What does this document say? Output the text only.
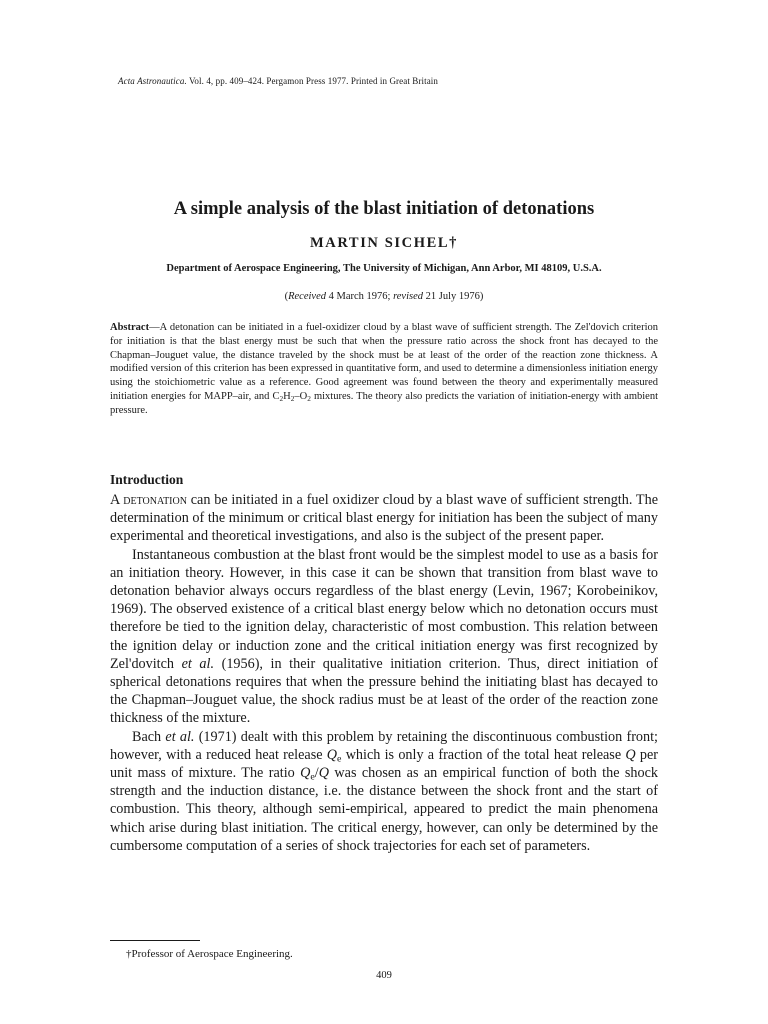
Acta Astronautica. Vol. 4, pp. 409–424. Pergamon Press 1977. Printed in Great Britain
A simple analysis of the blast initiation of detonations
MARTIN SICHEL†
Department of Aerospace Engineering, The University of Michigan, Ann Arbor, MI 48109, U.S.A.
(Received 4 March 1976; revised 21 July 1976)
Abstract—A detonation can be initiated in a fuel-oxidizer cloud by a blast wave of sufficient strength. The Zel'dovich criterion for initiation is that the blast energy must be such that when the pressure ratio across the shock front has decayed to the Chapman–Jouguet value, the distance traveled by the shock must be at least of the order of the reaction zone thickness. A modified version of this criterion has been expressed in quantitative form, and used to determine a dimensionless initiation energy using the stoichiometric value as a reference. Good agreement was found between the theory and experimentally measured initiation energies for MAPP–air, and $C_2H_2-O_2$ mixtures. The theory also predicts the variation of initiation-energy with ambient pressure.
Introduction

A detonation can be initiated in a fuel oxidizer cloud by a blast wave of sufficient strength. The determination of the minimum or critical blast energy for initiation has been the subject of many experimental and theoretical investigations, and also is the subject of the present paper.

Instantaneous combustion at the blast front would be the simplest model to use as a basis for an initiation theory. However, in this case it can be shown that transition from blast wave to detonation behavior always occurs regardless of the blast energy (Levin, 1967; Korobeinikov, 1969). The observed existence of a critical blast energy below which no detonation occurs must therefore be tied to the ignition delay, characteristic of most combustion. This relation between the ignition delay or induction zone and the critical initiation energy was first recognized by Zel'dovitch et al. (1956), in their qualitative initiation criterion. Thus, direct initiation of spherical detonations requires that when the pressure behind the initiating blast has decayed to the Chapman–Jouguet value, the shock radius must be at least of the order of the reaction zone thickness of the mixture.

Bach et al. (1971) dealt with this problem by retaining the discontinuous combustion front; however, with a reduced heat release $Q_e$ which is only a fraction of the total heat release Q per unit mass of mixture. The ratio $Q_e/Q$ was chosen as an empirical function of both the shock strength and the induction distance, i.e. the distance between the shock front and the start of combustion. This theory, although semi-empirical, appeared to predict the main phenomena which arise during blast initiation. The critical energy, however, can only be determined by the cumbersome computation of a series of shock trajectories for each set of parameters.

†Professor of Aerospace Engineering.
409
